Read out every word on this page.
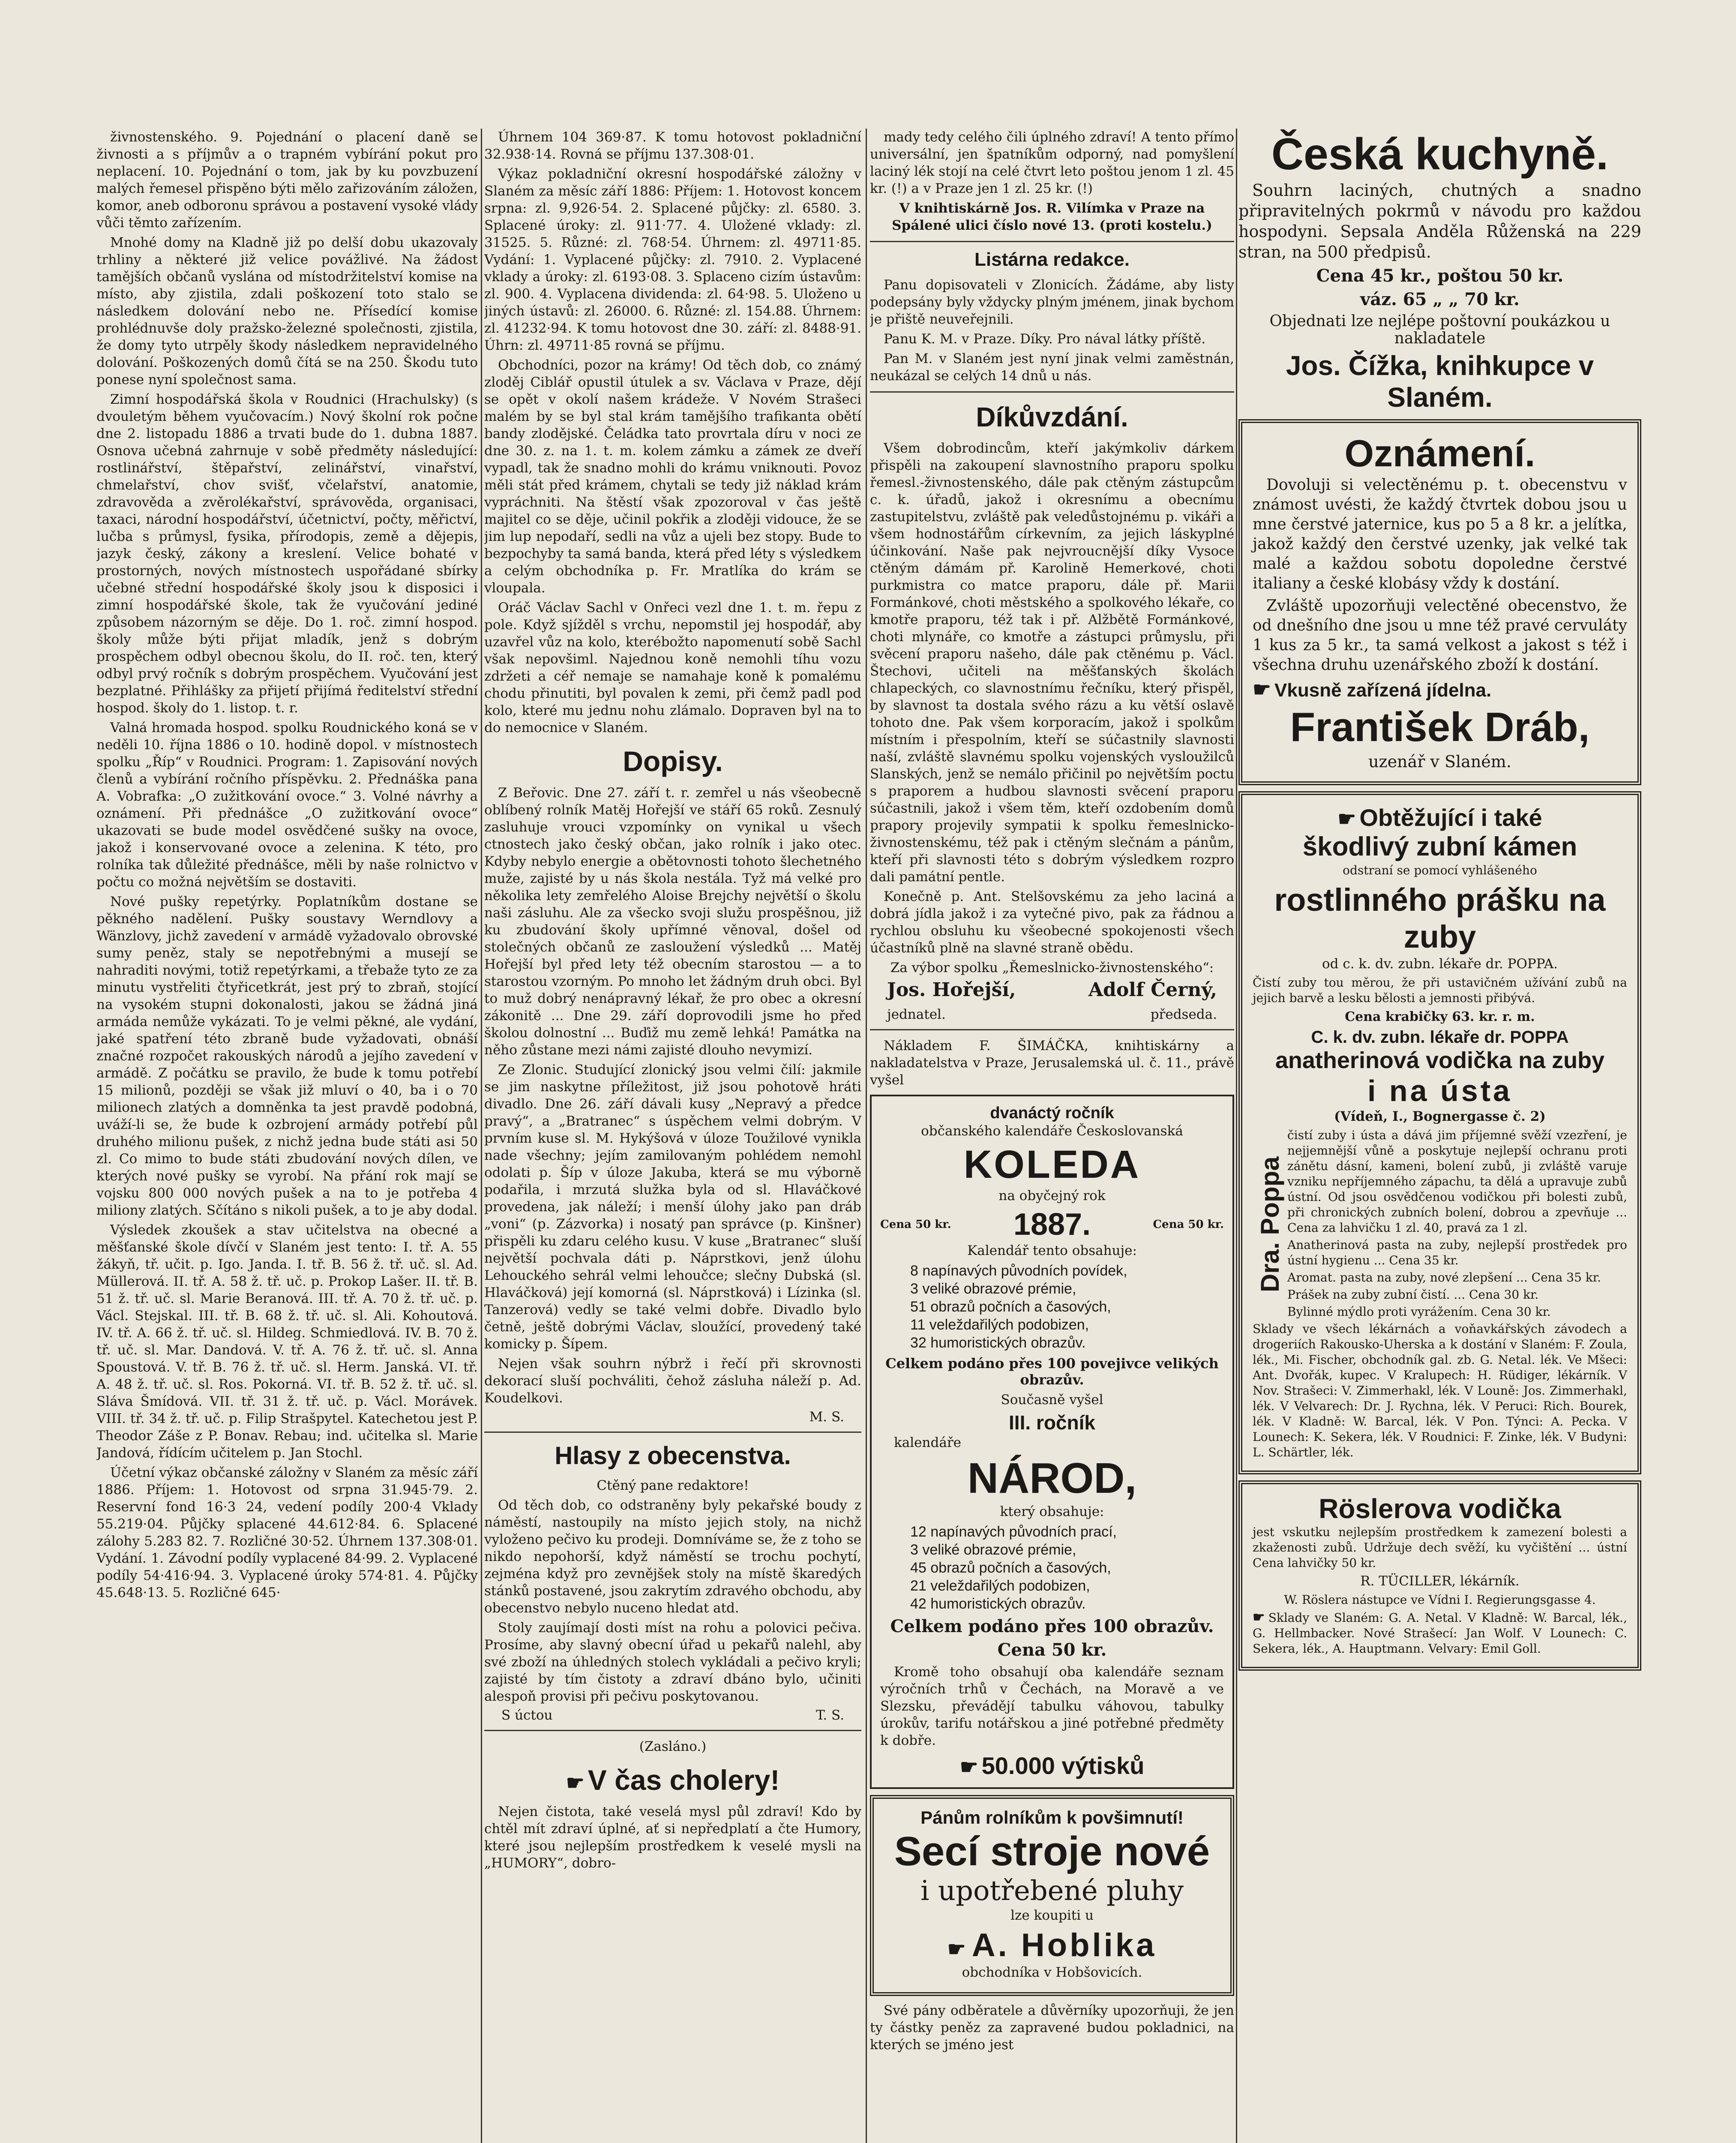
živnostenského. 9. Pojednání o placení daně se živnosti a s příjmův a o trapném vybírání pokut pro neplacení. 10. Pojednání o tom, jak by ku povzbuzení malých řemesel přispěno býti mělo zařizováním záložen, komor, aneb odboronu správou a postavení vysoké vlády vůči těmto zařízením.

Mnohé domy na Kladně již po delší dobu ukazovaly trhliny a některé již velice povážlivé. Na žádost tamějších občanů vyslána od místodržitelství komise na místo, aby zjistila, zdali poškození toto stalo se následkem dolování nebo ne. Přísedící komise prohlédnuvše doly pražsko-železné společnosti, zjistila, že domy tyto utrpěly škody následkem nepravidelného dolování. Poškozených domů čítá se na 250. Škodu tuto ponese nyní společnost sama.

Zimní hospodářská škola v Roudnici (Hrachulsky) (s dvouletým během vyučovacím.) Nový školní rok počne dne 2. listopadu 1886 a trvati bude do 1. dubna 1887. Osnova učebná zahrnuje v sobě předměty následující: rostlinářství, štěpařství, zelinářství, vinařství, chmelařství, chov svišť, včelařství, anatomie, zdravověda a zvěrolékařství, správověda, organisaci, taxaci, národní hospodářství, účetnictví, počty, měřictví, lučba s průmysl, fysika, přírodopis, země a dějepis, jazyk český, zákony a kreslení. Velice bohaté v prostorných, nových místnostech uspořádané sbírky učebné střední hospodářské školy jsou k disposici i zimní hospodářské škole, tak že vyučování jediné způsobem názorným se děje. Do 1. roč. zimní hospod. školy může býti přijat mladík, jenž s dobrým prospěchem odbyl obecnou školu, do II. roč. ten, který odbyl prvý ročník s dobrým prospěchem. Vyučování jest bezplatné. Přihlášky za přijetí přijímá ředitelství střední hospod. školy do 1. listop. t. r.

Valná hromada hospod. spolku Roudnického koná se v neděli 10. října 1886 o 10. hodině dopol. v místnostech spolku „Říp“ v Roudnici. Program: 1. Zapisování nových členů a vybírání ročního příspěvku. 2. Přednáška pana A. Vobrafka: „O zužitkování ovoce.“ 3. Volné návrhy a oznámení. Při přednášce „O zužitkování ovoce“ ukazovati se bude model osvědčené sušky na ovoce, jakož i konservované ovoce a zelenina. K této, pro rolníka tak důležité přednášce, měli by naše rolnictvo v počtu co možná největším se dostaviti.

Nové pušky repetýrky. Poplatníkům dostane se pěkného nadělení. Pušky soustavy Werndlovy a Wänzlovy, jichž zavedení v armádě vyžadovalo obrovské sumy peněz, staly se nepotřebnými a musejí se nahraditi novými, totiž repetýrkami, a třebaže tyto ze za minutu vystřeliti čtyřicetkrát, jest prý to zbraň, stojící na vysokém stupni dokonalosti, jakou se žádná jiná armáda nemůže vykázati. To je velmi pěkné, ale vydání, jaké spatření této zbraně bude vyžadovati, obnáší značné rozpočet rakouských národů a jejího zavedení v armádě. Z počátku se pravilo, že bude k tomu potřebí 15 milionů, později se však již mluví o 40, ba i o 70 milionech zlatých a domněnka ta jest pravdě podobná, uváží-li se, že bude k ozbrojení armády potřebí půl druhého milionu pušek, z nichž jedna bude státi asi 50 zl. Co mimo to bude státi zbudování nových dílen, ve kterých nové pušky se vyrobí. Na přání rok mají se vojsku 800 000 nových pušek a na to je potřeba 4 miliony zlatých. Sčítáno s nikoli pušek, a to je aby dodal.

Výsledek zkoušek a stav učitelstva na obecné a měšťanské škole dívčí v Slaném jest tento: I. tř. A. 55 žákyň, tř. učit. p. Igo. Janda. I. tř. B. 56 ž. tř. uč. sl. Ad. Müllerová. II. tř. A. 58 ž. tř. uč. p. Prokop Lašer. II. tř. B. 51 ž. tř. uč. sl. Marie Beranová. III. tř. A. 70 ž. tř. uč. p. Václ. Stejskal. III. tř. B. 68 ž. tř. uč. sl. Ali. Kohoutová. IV. tř. A. 66 ž. tř. uč. sl. Hildeg. Schmiedlová. IV. B. 70 ž. tř. uč. sl. Mar. Dandová. V. tř. A. 76 ž. tř. uč. sl. Anna Spoustová. V. tř. B. 76 ž. tř. uč. sl. Herm. Janská. VI. tř. A. 48 ž. tř. uč. sl. Ros. Pokorná. VI. tř. B. 52 ž. tř. uč. sl. Sláva Šmídová. VII. tř. 31 ž. tř. uč. p. Václ. Morávek. VIII. tř. 34 ž. tř. uč. p. Filip Strašpytel. Katechetou jest P. Theodor Záše z P. Bonav. Rebau; ind. učitelka sl. Marie Jandová, řídícím učitelem p. Jan Stochl.

Účetní výkaz občanské záložny v Slaném za měsíc září 1886. Příjem: 1. Hotovost od srpna 31.945·79. 2. Reservní fond 16·3 24, vedení podíly 200·4 Vklady 55.219·04. Půjčky splacené 44.612·84. 6. Splacené zálohy 5.283 82. 7. Rozličné 30·52. Úhrnem 137.308·01. Vydání. 1. Závodní podíly vyplacené 84·99. 2. Vyplacené podíly 54·416·94. 3. Vyplacené úroky 574·81. 4. Půjčky 45.648·13. 5. Rozličné 645·

Úhrnem 104 369·87. K tomu hotovost pokladniční 32.938·14. Rovná se příjmu 137.308·01.

Výkaz pokladniční okresní hospodářské záložny v Slaném za měsíc září 1886: Příjem: 1. Hotovost koncem srpna: zl. 9,926·54. 2. Splacené půjčky: zl. 6580. 3. Splacené úroky: zl. 911·77. 4. Uložené vklady: zl. 31525. 5. Různé: zl. 768·54. Úhrnem: zl. 49711·85. Vydání: 1. Vyplacené půjčky: zl. 7910. 2. Vyplacené vklady a úroky: zl. 6193·08. 3. Splaceno cizím ústavům: zl. 900. 4. Vyplacena dividenda: zl. 64·98. 5. Uloženo u jiných ústavů: zl. 26000. 6. Různé: zl. 154.88. Úhrnem: zl. 41232·94. K tomu hotovost dne 30. září: zl. 8488·91. Úhrn: zl. 49711·85 rovná se příjmu.

Obchodníci, pozor na krámy! Od těch dob, co známý zloděj Ciblář opustil útulek a sv. Václava v Praze, dějí se opět v okolí našem krádeže. V Novém Strašeci malém by se byl stal krám tamějšího trafikanta obětí bandy zlodějské. Čeládka tato provrtala díru v noci ze dne 30. z. na 1. t. m. kolem zámku a zámek ze dveří vypadl, tak že snadno mohli do krámu vniknouti. Povoz měli stát před krámem, chytali se tedy již náklad krám vypráchniti. Na štěstí však zpozoroval v čas ještě majitel co se děje, učinil pokřik a zloději vidouce, že se jim lup nepodaří, sedli na vůz a ujeli bez stopy. Bude to bezpochyby ta samá banda, která před léty s výsledkem a celým obchodníka p. Fr. Mratlíka do krám se vloupala.

Oráč Václav Sachl v Onřeci vezl dne 1. t. m. řepu z pole. Když sjížděl s vrchu, nepomstil jej hospodář, aby uzavřel vůz na kolo, kterébožto napomenutí sobě Sachl však nepovšiml. Najednou koně nemohli tíhu vozu zdržeti a céř nemaje se namahaje koně k pomalému chodu přinutiti, byl povalen k zemi, při čemž padl pod kolo, které mu jednu nohu zlámalo. Dopraven byl na to do nemocnice v Slaném.

Dopisy.

Z Beřovic. Dne 27. září t. r. zemřel u nás všeobecně oblíbený rolník Matěj Hořejší ve stáří 65 roků. Zesnulý zasluhuje vrouci vzpomínky on vynikal u všech ctnostech jako český občan, jako rolník i jako otec. Kdyby nebylo energie a obětovnosti tohoto šlechetného muže, zajisté by u nás škola nestála. Tyž má velké pro několika lety zemřelého Aloise Brejchy největší o školu naši zásluhu. Ale za všecko svoji služu prospěšnou, již ku zbudování školy upřímné věnoval, došel od stolečných občanů ze zasloužení výsledků ... Matěj Hořejší byl před lety též obecním starostou — a to starostou vzorným. Po mnoho let žádným druh obci. Byl to muž dobrý nenápravný lékař, že pro obec a okresní zákonitě ... Dne 29. září doprovodili jsme ho před školou dolnostní ... Buďiž mu země lehká! Památka na něho zůstane mezi námi zajisté dlouho nevymizí.

Ze Zlonic. Studující zlonický jsou velmi čilí: jakmile se jim naskytne příležitost, již jsou pohotově hráti divadlo. Dne 26. září dávali kusy „Nepravý a předce pravý“, a „Bratranec“ s úspěchem velmi dobrým. V prvním kuse sl. M. Hykýšová v úloze Toužilové vynikla nade všechny; jejím zamilovaným pohlédem nemohl odolati p. Šíp v úloze Jakuba, která se mu výborně podařila, i mrzutá služka byla od sl. Hlaváčkové provedena, jak náleží; i menší úlohy jako pan dráb „voni“ (p. Zázvorka) i nosatý pan správce (p. Kinšner) přispěli ku zdaru celého kusu. V kuse „Bratranec“ sluší největší pochvala dáti p. Náprstkovi, jenž úlohu Lehouckého sehrál velmi lehoučce; slečny Dubská (sl. Hlaváčková) její komorná (sl. Náprstková) i Lízinka (sl. Tanzerová) vedly se také velmi dobře. Divadlo bylo četně, ještě dobrými Václav, sloužící, provedený také komicky p. Šípem.

Nejen však souhrn nýbrž i řečí při skrovnosti dekorací sluší pochváliti, čehož zásluha náleží p. Ad. Koudelkovi.

M. S.
Hlasy z obecenstva.

Ctěný pane redaktore!

Od těch dob, co odstraněny byly pekařské boudy z náměstí, nastoupily na místo jejich stoly, na nichž vyloženo pečivo ku prodeji. Domníváme se, že z toho se nikdo nepohorší, když náměstí se trochu pochytí, zejména když pro zevnějšek stoly na místě škaredých stánků postavené, jsou zakrytím zdravého obchodu, aby obecenstvo nebylo nuceno hledat atd.

Stoly zaujímají dosti míst na rohu a polovici pečiva. Prosíme, aby slavný obecní úřad u pekařů nalehl, aby své zboží na úhledných stolech vykládali a pečivo kryli; zajisté by tím čistoty a zdraví dbáno bylo, učiniti alespoň provisi při pečivu poskytovanou.

S úctou	T. S.

(Zasláno.)

☛ V čas cholery!

Nejen čistota, také veselá mysl půl zdraví! Kdo by chtěl mít zdraví úplné, ať si nepředplatí a čte Humory, které jsou nejlepším prostředkem k veselé mysli na „HUMORY“, dobro-

mady tedy celého čili úplného zdraví! A tento přímo universální, jen špatníkům odporný, nad pomyšlení laciný lék stojí na celé čtvrt leto poštou jenom 1 zl. 45 kr. (!) a v Praze jen 1 zl. 25 kr. (!)

V knihtiskárně Jos. R. Vilímka v Praze na Spálené ulici číslo nové 13. (proti kostelu.)

Listárna redakce.

Panu dopisovateli v Zlonicích. Žádáme, aby listy podepsány byly vždycky plným jménem, jinak bychom je přiště neuveřejnili.

Panu K. M. v Praze. Díky. Pro nával látky příště.

Pan M. v Slaném jest nyní jinak velmi zaměstnán, neukázal se celých 14 dnů u nás.

Díkůvzdání.

Všem dobrodincům, kteří jakýmkoliv dárkem přispěli na zakoupení slavnostního praporu spolku řemesl.-živnostenského, dále pak ctěným zástupcům c. k. úřadů, jakož i okresnímu a obecnímu zastupitelstvu, zvláště pak veledůstojnému p. vikáři a všem hodnostářům církevním, za jejich láskyplné účinkování. Naše pak nejvroucnější díky Vysoce ctěným dámám př. Karolině Hemerkové, choti purkmistra co matce praporu, dále př. Marii Formánkové, choti městského a spolkového lékaře, co kmotře praporu, též tak i př. Alžbětě Formánkové, choti mlynáře, co kmotře a zástupci průmyslu, při svěcení praporu našeho, dále pak ctěnému p. Václ. Štechovi, učiteli na měšťanských školách chlapeckých, co slavnostnímu řečníku, který přispěl, by slavnost ta dostala svého rázu a ku větší oslavě tohoto dne. Pak všem korporacím, jakož i spolkům místním i přespolním, kteří se súčastnily slavnosti naší, zvláště slavnému spolku vojenských vysloužilců Slanských, jenž se nemálo přičinil po největším poctu s praporem a hudbou slavnosti svěcení praporu súčastnili, jakož i všem těm, kteří ozdobením domů prapory projevily sympatii k spolku řemeslnicko-živnostenskému, též pak i ctěným slečnám a pánům, kteří při slavnosti této s dobrým výsledkem rozpro dali památní pentle.

Konečně p. Ant. Stelšovskému za jeho laciná a dobrá jídla jakož i za vytečné pivo, pak za řádnou a rychlou obsluhu ku všeobecné spokojenosti všech účastníků plně na slavné straně obědu.

Za výbor spolku „Řemeslnicko-živnostenského“:

Jos. Hořejší,	Adolf Černý,
jednatel.	předseda.

Nákladem F. ŠIMÁČKA, knihtiskárny a nakladatelstva v Praze, Jerusalemská ul. č. 11., právě vyšel

dvanáctý ročník
občanského kalendáře Českoslovanská
KOLEDA
na obyčejný rok
Cena 50 kr. 1887.	Cena 50 kr.
Kalendář tento obsahuje:
8 napínavých původních povídek,
3 veliké obrazové prémie,
51 obrazů počních a časových,
11 veleždařilých podobizen,
32 humoristických obrazův.
Celkem podáno přes 100 povejivce velikých obrazův.
Současně vyšel
III. ročník
kalendáře
NÁROD,
který obsahuje:
12 napínavých původních prací,
3 veliké obrazové prémie,
45 obrazů počních a časových,
21 veleždařilých podobizen,
42 humoristických obrazův.
Celkem podáno přes 100 obrazův.
Cena 50 kr.

Kromě toho obsahují oba kalendáře seznam výročních trhů v Čechách, na Moravě a ve Slezsku, převádějí tabulku váhovou, tabulky úrokův, tarifu notářskou a jiné potřebné předměty k dobře.

☛ 50.000 výtisků
Pánům rolníkům k povšimnutí!
Secí stroje nové
i upotřebené pluhy
lze koupiti u
☛ A. Hoblika
obchodníka v Hobšovicích.

Své pány odběratele a důvěrníky upozorňuji, že jen ty částky peněz za zapravené budou pokladnici, na kterých se jméno jest

Česká kuchyně.

Souhrn laciných, chutných a snadno připravitelných pokrmů v návodu pro každou hospodyni. Sepsala Anděla Růženská na 229 stran, na 500 předpisů.

Cena 45 kr., poštou 50 kr.
váz. 65 „ „ 70 kr.

Objednati lze nejlépe poštovní poukázkou u nakladatele

Jos. Čížka, knihkupce v Slaném.
Oznámení.

Dovoluji si velectěnému p. t. obecenstvu v známost uvésti, že každý čtvrtek dobou jsou u mne čerstvé jaternice, kus po 5 a 8 kr. a jelítka, jakož každý den čerstvé uzenky, jak velké tak malé a každou sobotu dopoledne čerstvé italiany a české klobásy vždy k dostání.

Zvláště upozorňuji velectěné obecenstvo, že od dnešního dne jsou u mne též pravé cervuláty 1 kus za 5 kr., ta samá velkost a jakost s též i všechna druhu uzenářského zboží k dostání.

☛ Vkusně zařízená jídelna.
František Dráb,
uzenář v Slaném.
☛ Obtěžující i také
škodlivý zubní kámen
odstraní se pomocí vyhlášeného
rostlinného prášku na zuby
od c. k. dv. zubn. lékaře dr. POPPA.

Čistí zuby tou měrou, že při ustavičném užívání zubů na jejich barvě a lesku bělosti a jemnosti přibývá.

Cena krabičky 63. kr. r. m.
C. k. dv. zubn. lékaře dr. POPPA
anatherinová vodička na zuby
i na ústa
(Vídeň, I., Bognergasse č. 2)
Dra. Poppa

čistí zuby i ústa a dává jim příjemné svěží vzezření, je nejjemnější vůně a poskytuje nejlepší ochranu proti zánětu dásní, kameni, bolení zubů, ji zvláště varuje vzniku nepříjemného zápachu, ta dělá a upravuje zubů ústní. Od jsou osvědčenou vodičkou při bolesti zubů, při chronických zubních bolení, dobrou a zpevňuje ... Cena za lahvičku 1 zl. 40, pravá za 1 zl.

Anatherinová pasta na zuby, nejlepší prostředek pro ústní hygienu ... Cena 35 kr.

Aromat. pasta na zuby, nové zlepšení ... Cena 35 kr.

Prášek na zuby zubní čistí. ... Cena 30 kr.

Bylinné mýdlo proti vyrážením. Cena 30 kr.

Sklady ve všech lékárnách a voňavkářských závodech a drogeriích Rakousko-Uherska a k dostání v Slaném: F. Zoula, lék., Mi. Fischer, obchodník gal. zb. G. Netal. lék. Ve Mšeci: Ant. Dvořák, kupec. V Kralupech: H. Rüdiger, lékárník. V Nov. Strašeci: V. Zimmerhakl, lék. V Louně: Jos. Zimmerhakl, lék. V Velvarech: Dr. J. Rychna, lék. V Peruci: Rich. Bourek, lék. V Kladně: W. Barcal, lék. V Pon. Týnci: A. Pecka. V Lounech: K. Sekera, lék. V Roudnici: F. Zinke, lék. V Budyni: L. Schärtler, lék.

Röslerova vodička

jest vskutku nejlepším prostředkem k zamezení bolesti a zkaženosti zubů. Udržuje dech svěží, ku vyčištění ... ústní Cena lahvičky 50 kr.

R. TÜCILLER, lékárník.
W. Röslera nástupce ve Vídni I. Regierungsgasse 4.

☛ Sklady ve Slaném: G. A. Netal. V Kladně: W. Barcal, lék., G. Hellmbacker. Nové Strašecí: Jan Wolf. V Lounech: C. Sekera, lék., A. Hauptmann. Velvary: Emil Goll.
